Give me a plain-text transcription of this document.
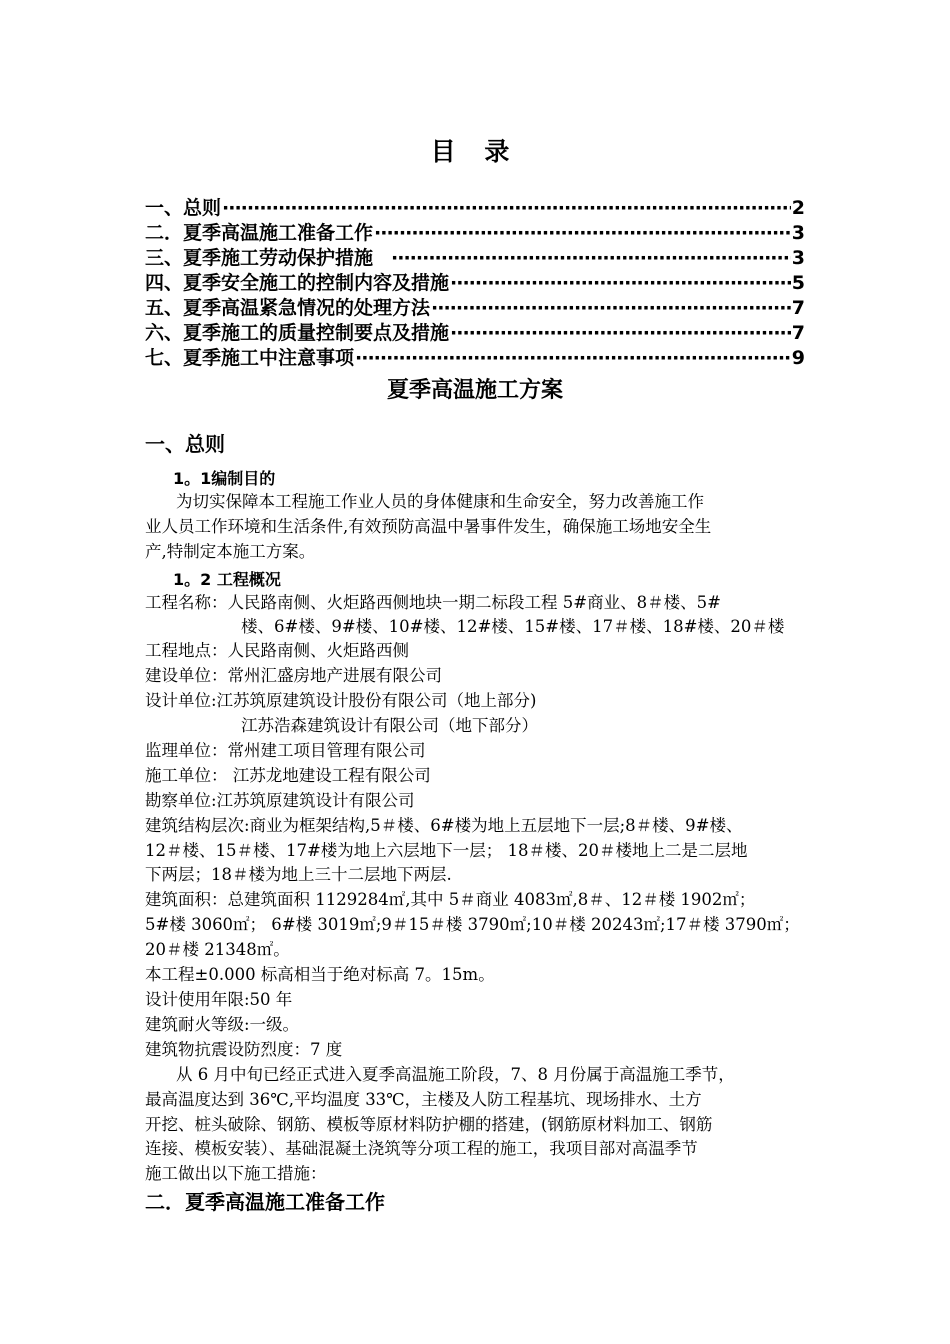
目 录
一、总则 ·····	2
二．夏季高温施工准备工作 ·····	3
三、夏季施工劳动保护措施 ·····	3
四、夏季安全施工的控制内容及措施 ·····	5
五、夏季高温紧急情况的处理方法 ·····	7
六、夏季施工的质量控制要点及措施 ·····	7
七、夏季施工中注意事项 ·····	9
夏季高温施工方案
一、总则
1。1编制目的
为切实保障本工程施工作业人员的身体健康和生命安全，努力改善施工作
业人员工作环境和生活条件,有效预防高温中暑事件发生，确保施工场地安全生
产,特制定本施工方案。
1。2 工程概况
工程名称：人民路南侧、火炬路西侧地块一期二标段工程 5#商业、8＃楼、5#
楼、6#楼、9#楼、10#楼、12#楼、15#楼、17＃楼、18#楼、20＃楼
工程地点：人民路南侧、火炬路西侧
建设单位：常州汇盛房地产进展有限公司
设计单位:江苏筑原建筑设计股份有限公司（地上部分)
江苏浩森建筑设计有限公司（地下部分）
监理单位：常州建工项目管理有限公司
施工单位： 江苏龙地建设工程有限公司
勘察单位:江苏筑原建筑设计有限公司
建筑结构层次:商业为框架结构,5＃楼、6#楼为地上五层地下一层;8＃楼、9#楼、
12＃楼、15＃楼、17#楼为地上六层地下一层； 18＃楼、20＃楼地上二是二层地
下两层；18＃楼为地上三十二层地下两层.
建筑面积：总建筑面积 1129284㎡,其中 5＃商业 4083㎡,8＃、12＃楼 1902㎡；
5#楼 3060㎡； 6#楼 3019㎡;9＃15＃楼 3790㎡;10＃楼 20243㎡;17＃楼 3790㎡；
20＃楼 21348㎡。
本工程±0.000 标高相当于绝对标高 7。15m。
设计使用年限:50 年
建筑耐火等级:一级。
建筑物抗震设防烈度：7 度
从 6 月中旬已经正式进入夏季高温施工阶段，7、8 月份属于高温施工季节，
最高温度达到 36℃,平均温度 33℃，主楼及人防工程基坑、现场排水、土方
开挖、桩头破除、钢筋、模板等原材料防护棚的搭建，(钢筋原材料加工、钢筋
连接、模板安装）、基础混凝土浇筑等分项工程的施工，我项目部对高温季节
施工做出以下施工措施：
二．夏季高温施工准备工作
